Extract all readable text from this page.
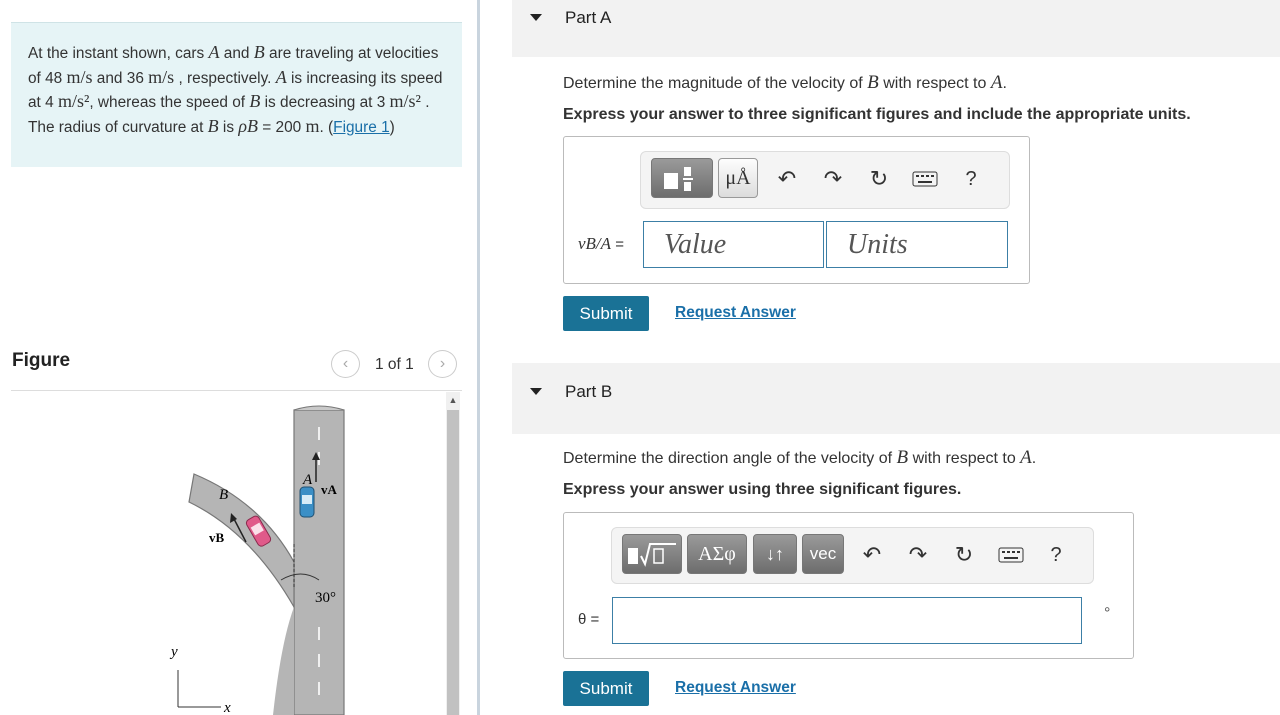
At the instant shown, cars A and B are traveling at velocities of 48 m/s and 36 m/s , respectively. A is increasing its speed at 4 m/s², whereas the speed of B is decreasing at 3 m/s² . The radius of curvature at B is ρB = 200 m. (Figure 1)
Figure	‹	1 of 1	›
A
vA
B
vB
30°
y
x
▲
Part A
Determine the magnitude of the velocity of B with respect to A.
Express your answer to three significant figures and include the appropriate units.
μÅ	↶ ↷ ↻	?
vB/A =	Value	Units
Submit	Request Answer
Part B
Determine the direction angle of the velocity of B with respect to A.
Express your answer using three significant figures.
ΑΣφ	↓↑	vec	↶ ↷ ↻	?
θ =	°
Submit	Request Answer
